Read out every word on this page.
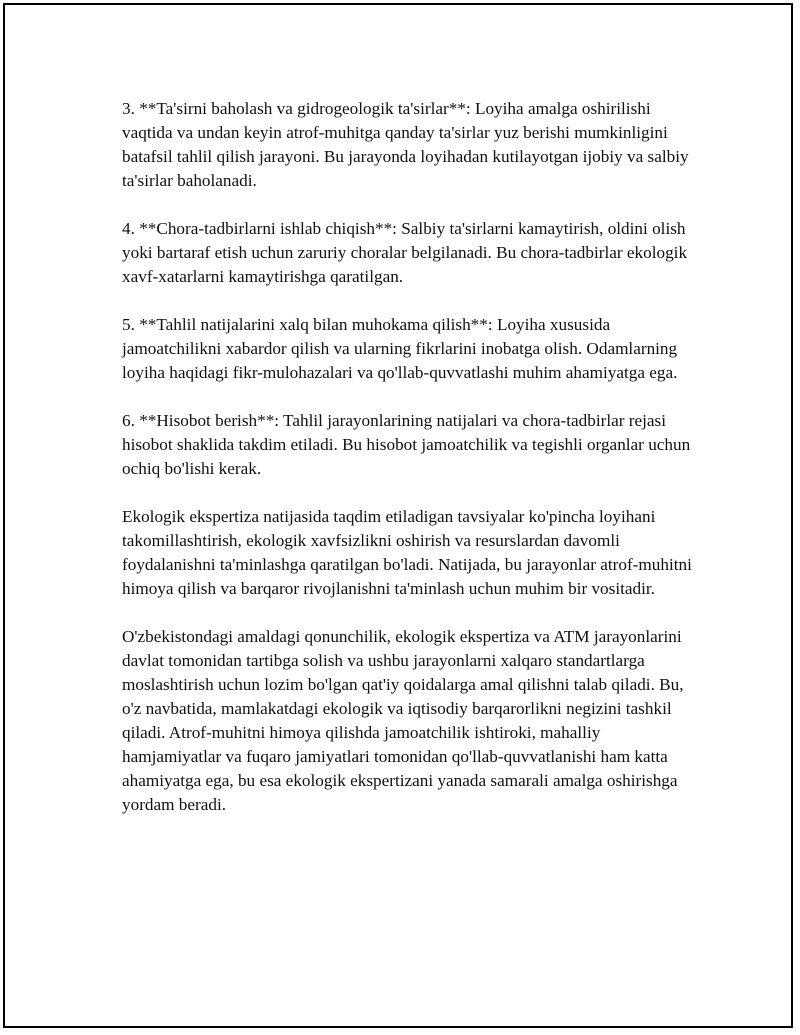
3. **Ta'sirni baholash va gidrogeologik ta'sirlar**: Loyiha amalga oshirilishi vaqtida va undan keyin atrof-muhitga qanday ta'sirlar yuz berishi mumkinligini batafsil tahlil qilish jarayoni. Bu jarayonda loyihadan kutilayotgan ijobiy va salbiy ta'sirlar baholanadi.

4. **Chora-tadbirlarni ishlab chiqish**: Salbiy ta'sirlarni kamaytirish, oldini olish yoki bartaraf etish uchun zaruriy choralar belgilanadi. Bu chora-tadbirlar ekologik xavf-xatarlarni kamaytirishga qaratilgan.

5. **Tahlil natijalarini xalq bilan muhokama qilish**: Loyiha xususida jamoatchilikni xabardor qilish va ularning fikrlarini inobatga olish. Odamlarning loyiha haqidagi fikr-mulohazalari va qo'llab-quvvatlashi muhim ahamiyatga ega.

6. **Hisobot berish**: Tahlil jarayonlarining natijalari va chora-tadbirlar rejasi hisobot shaklida takdim etiladi. Bu hisobot jamoatchilik va tegishli organlar uchun ochiq bo'lishi kerak.

Ekologik ekspertiza natijasida taqdim etiladigan tavsiyalar ko'pincha loyihani takomillashtirish, ekologik xavfsizlikni oshirish va resurslardan davomli foydalanishni ta'minlashga qaratilgan bo'ladi. Natijada, bu jarayonlar atrof-muhitni himoya qilish va barqaror rivojlanishni ta'minlash uchun muhim bir vositadir.

O'zbekistondagi amaldagi qonunchilik, ekologik ekspertiza va ATM jarayonlarini davlat tomonidan tartibga solish va ushbu jarayonlarni xalqaro standartlarga moslashtirish uchun lozim bo'lgan qat'iy qoidalarga amal qilishni talab qiladi. Bu, o'z navbatida, mamlakatdagi ekologik va iqtisodiy barqarorlikni negizini tashkil qiladi. Atrof-muhitni himoya qilishda jamoatchilik ishtiroki, mahalliy hamjamiyatlar va fuqaro jamiyatlari tomonidan qo'llab-quvvatlanishi ham katta ahamiyatga ega, bu esa ekologik ekspertizani yanada samarali amalga oshirishga yordam beradi.
